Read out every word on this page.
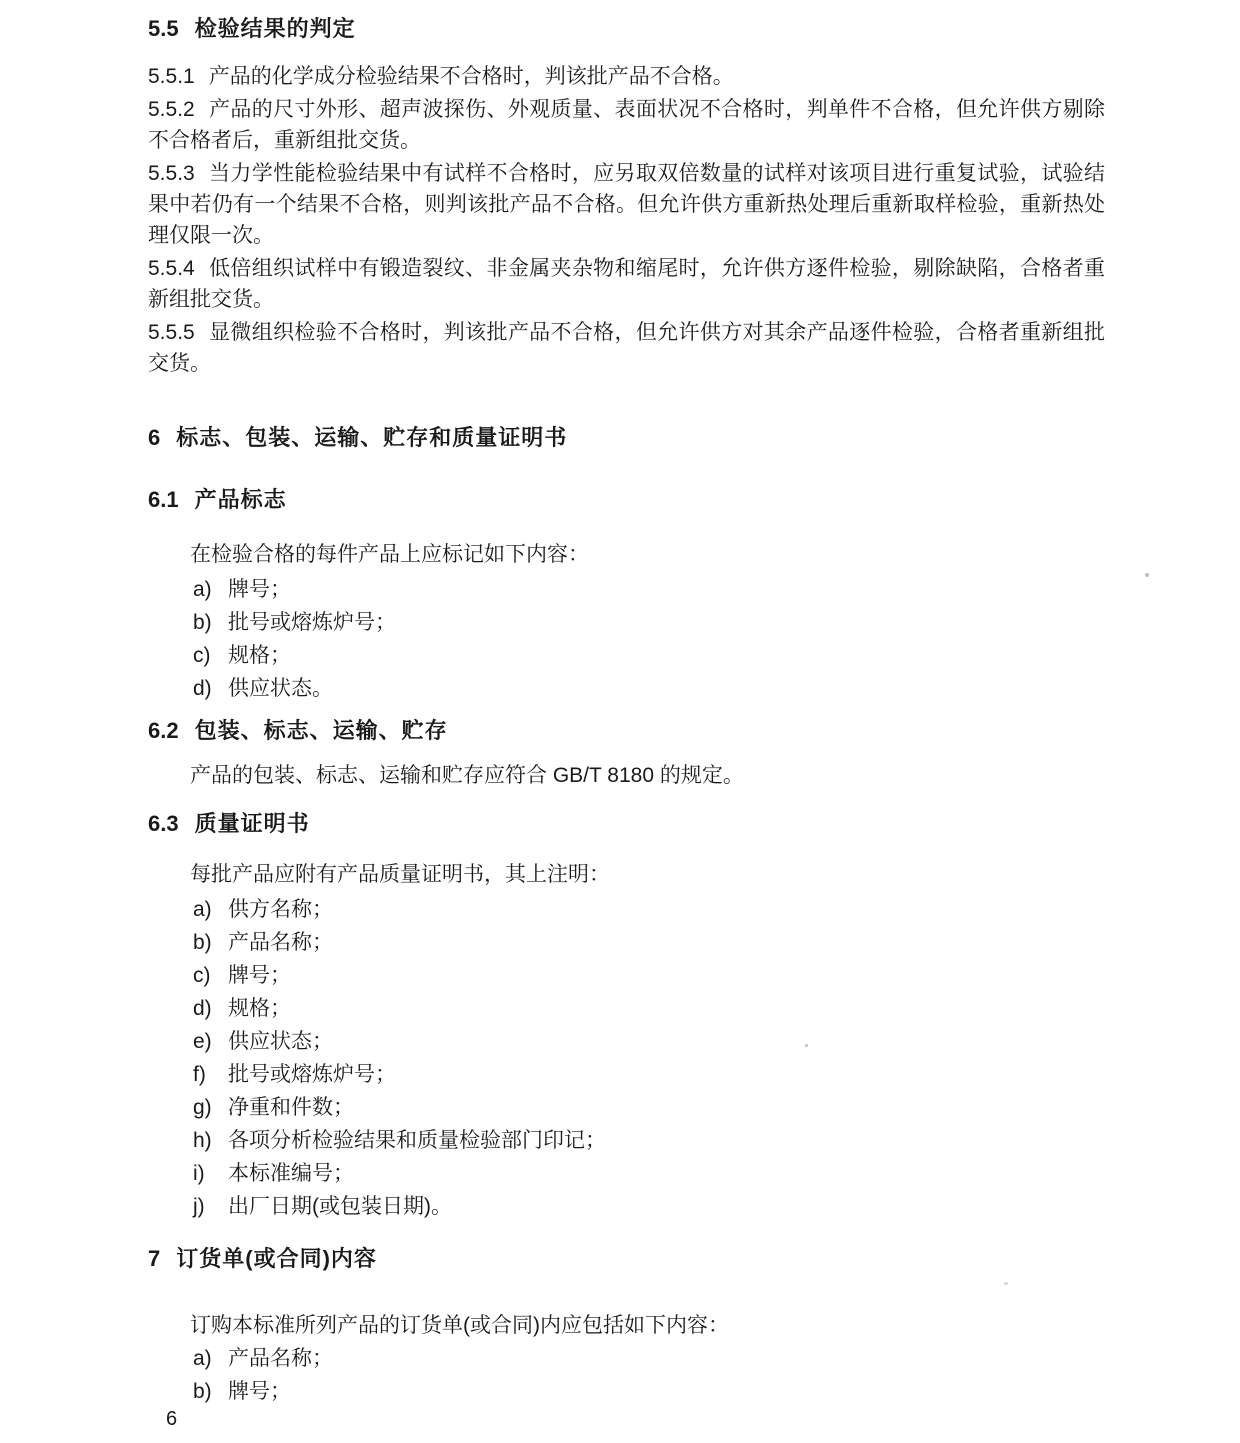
5.5 检验结果的判定

5.5.1 产品的化学成分检验结果不合格时，判该批产品不合格。

5.5.2 产品的尺寸外形、超声波探伤、外观质量、表面状况不合格时，判单件不合格，但允许供方剔除不合格者后，重新组批交货。

5.5.3 当力学性能检验结果中有试样不合格时，应另取双倍数量的试样对该项目进行重复试验，试验结果中若仍有一个结果不合格，则判该批产品不合格。但允许供方重新热处理后重新取样检验，重新热处理仅限一次。

5.5.4 低倍组织试样中有锻造裂纹、非金属夹杂物和缩尾时，允许供方逐件检验，剔除缺陷，合格者重新组批交货。

5.5.5 显微组织检验不合格时，判该批产品不合格，但允许供方对其余产品逐件检验，合格者重新组批交货。

6 标志、包装、运输、贮存和质量证明书
6.1 产品标志

在检验合格的每件产品上应标记如下内容：

a) 牌号；
b) 批号或熔炼炉号；
c) 规格；
d) 供应状态。
6.2 包装、标志、运输、贮存

产品的包装、标志、运输和贮存应符合 GB/T 8180 的规定。

6.3 质量证明书

每批产品应附有产品质量证明书，其上注明：

a) 供方名称；
b) 产品名称；
c) 牌号；
d) 规格；
e) 供应状态；
f)	批号或熔炼炉号；
g) 净重和件数；
h) 各项分析检验结果和质量检验部门印记；
i)	本标准编号；
j)	出厂日期(或包装日期)。
7 订货单(或合同)内容

订购本标准所列产品的订货单(或合同)内应包括如下内容：

a) 产品名称；
b) 牌号；
6
